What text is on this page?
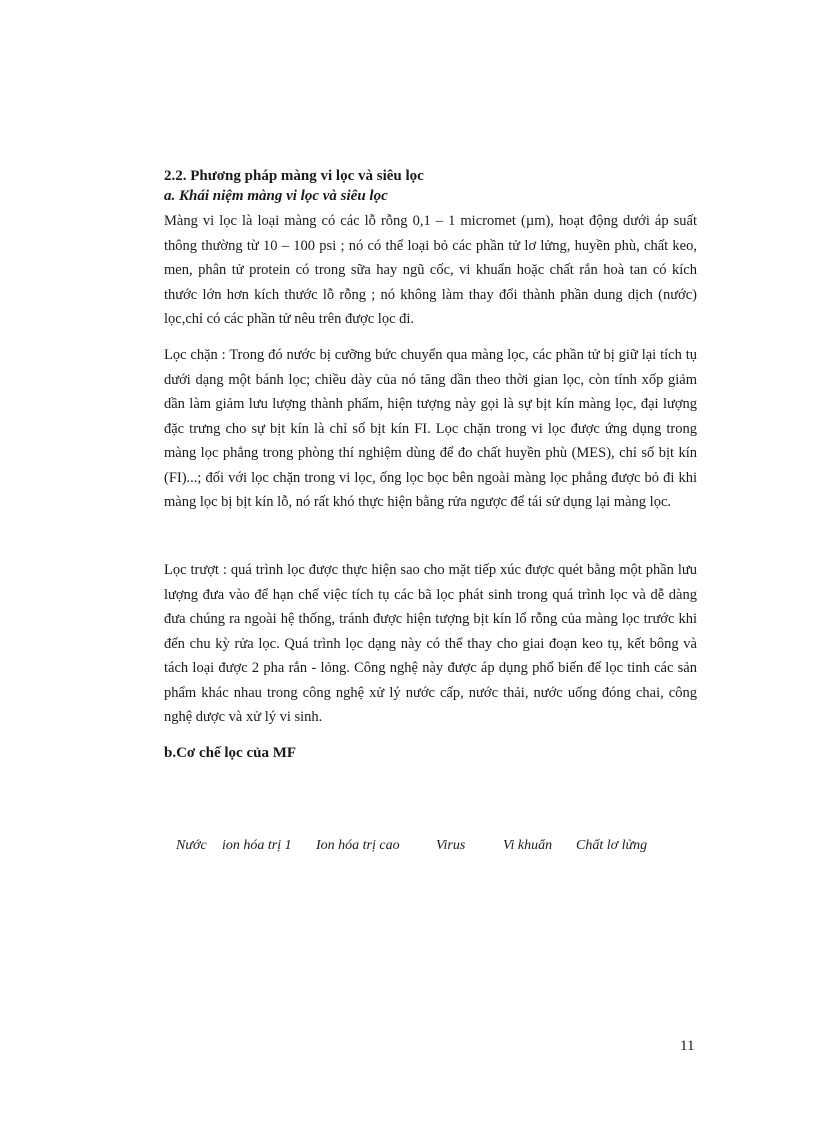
2.2. Phương pháp màng vi lọc và siêu lọc
a. Khái niệm màng vi lọc và siêu lọc

Màng vi lọc là loại màng có các lỗ rỗng 0,1 – 1 micromet (µm), hoạt động dưới áp suất thông thường từ 10 – 100 psi ; nó có thể loại bỏ các phần tử lơ lửng, huyền phù, chất keo, men, phân tử protein có trong sữa hay ngũ cốc, vi khuẩn hoặc chất rắn hoà tan có kích thước lớn hơn kích thước lỗ rỗng ; nó không làm thay đổi thành phần dung dịch (nước) lọc,chỉ có các phần tử nêu trên được lọc đi.

Lọc chặn : Trong đó nước bị cưỡng bức chuyển qua màng lọc, các phần tử bị giữ lại tích tụ dưới dạng một bánh lọc; chiều dày của nó tăng dần theo thời gian lọc, còn tính xốp giảm dần làm giảm lưu lượng thành phẩm, hiện tượng này gọi là sự bịt kín màng lọc, đại lượng đặc trưng cho sự bịt kín là chỉ số bịt kín FI. Lọc chặn trong vi lọc được ứng dụng trong màng lọc phẳng trong phòng thí nghiệm dùng để đo chất huyền phù (MES), chỉ số bịt kín (FI)...; đối với lọc chặn trong vi lọc, ống lọc bọc bên ngoài màng lọc phẳng được bỏ đi khi màng lọc bị bịt kín lỗ, nó rất khó thực hiện bằng rửa ngược để tái sử dụng lại màng lọc.

Lọc trượt : quá trình lọc được thực hiện sao cho mặt tiếp xúc được quét bằng một phần lưu lượng đưa vào để hạn chế việc tích tụ các bã lọc phát sinh trong quá trình lọc và dễ dàng đưa chúng ra ngoài hệ thống, tránh được hiện tượng bịt kín lổ rỗng của màng lọc trước khi đến chu kỳ rửa lọc. Quá trình lọc dạng này có thể thay cho giai đoạn keo tụ, kết bông và tách loại được 2 pha rắn - lỏng. Công nghệ này được áp dụng phổ biến để lọc tinh các sản phẩm khác nhau trong công nghệ xử lý nước cấp, nước thải, nước uống đóng chai, công nghệ dược và xử lý vi sinh.

b.Cơ chế lọc của MF
Nước ion hóa trị 1 Ion hóa trị cao	Virus	Vi khuẩn Chất lơ lửng
11
